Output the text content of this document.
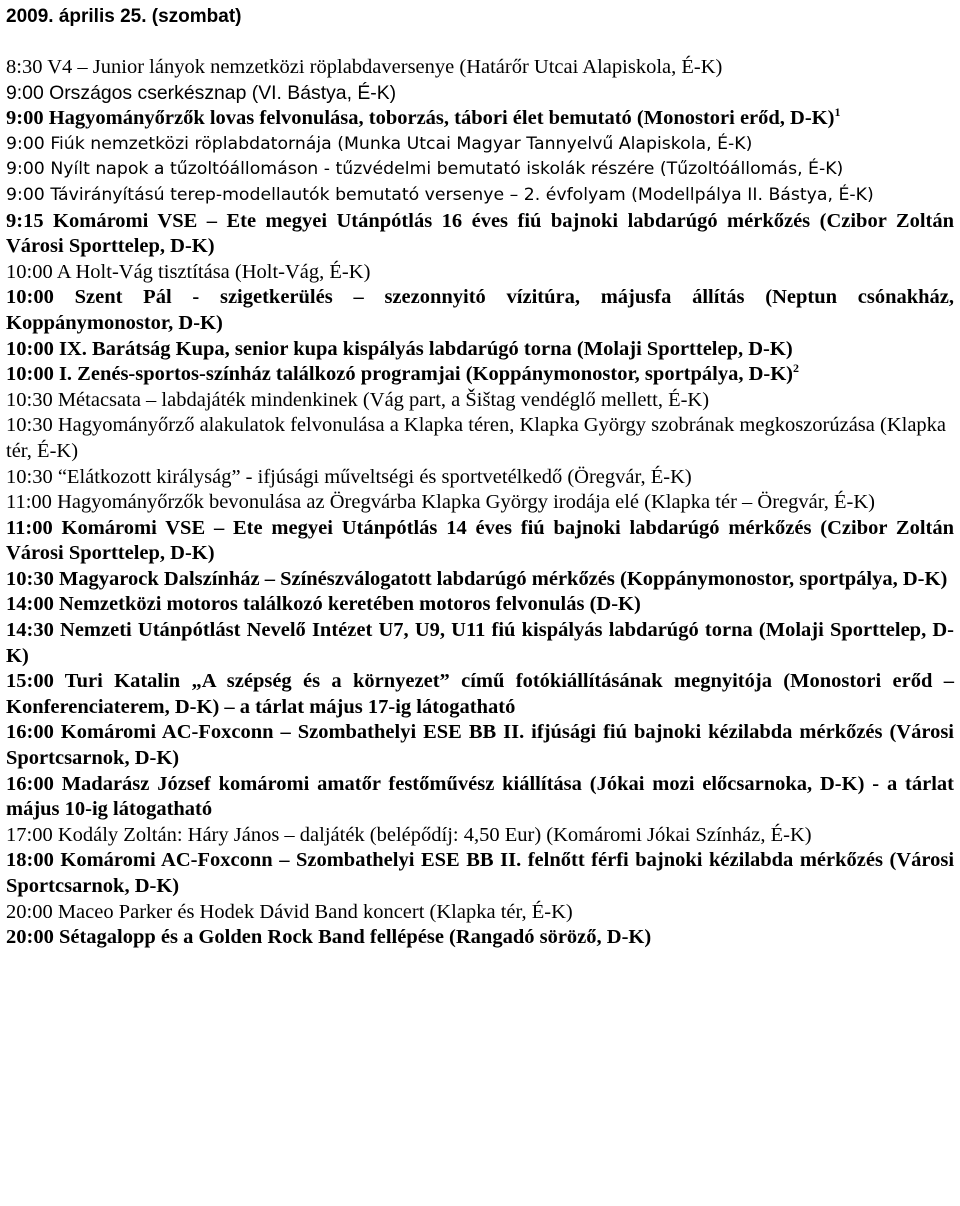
2009. április 25. (szombat)
8:30 V4 – Junior lányok nemzetközi röplabdaversenye (Határőr Utcai Alapiskola, É-K)
9:00 Országos cserkésznap (VI. Bástya, É-K)
9:00 Hagyományőrzők lovas felvonulása, toborzás, tábori élet bemutató (Monostori erőd, D-K)$^1$
9:00 Fiúk nemzetközi röplabdatornája (Munka Utcai Magyar Tannyelvű Alapiskola, É-K)
9:00 Nyílt napok a tűzoltóállomáson - tűzvédelmi bemutató iskolák részére (Tűzoltóállomás, É-K)
9:00 Távirányítású terep-modellautók bemutató versenye – 2. évfolyam (Modellpálya II. Bástya, É-K)
9:15 Komáromi VSE – Ete megyei Utánpótlás 16 éves fiú bajnoki labdarúgó mérkőzés (Czibor Zoltán Városi Sporttelep, D-K)
10:00 A Holt-Vág tisztítása (Holt-Vág, É-K)
10:00 Szent Pál - szigetkerülés – szezonnyitó vízitúra, májusfa állítás (Neptun csónakház, Koppánymonostor, D-K)
10:00 IX. Barátság Kupa, senior kupa kispályás labdarúgó torna (Molaji Sporttelep, D-K)
10:00 I. Zenés-sportos-színház találkozó programjai (Koppánymonostor, sportpálya, D-K)$^2$
10:30 Métacsata – labdajáték mindenkinek (Vág part, a Šištag vendéglő mellett, É-K)
10:30 Hagyományőrző alakulatok felvonulása a Klapka téren, Klapka György szobrának megkoszorúzása (Klapka tér, É-K)
10:30 “Elátkozott királyság” - ifjúsági műveltségi és sportvetélkedő (Öregvár, É-K)
11:00 Hagyományőrzők bevonulása az Öregvárba Klapka György irodája elé (Klapka tér – Öregvár, É-K)
11:00 Komáromi VSE – Ete megyei Utánpótlás 14 éves fiú bajnoki labdarúgó mérkőzés (Czibor Zoltán Városi Sporttelep, D-K)
10:30 Magyarock Dalszínház – Színészválogatott labdarúgó mérkőzés (Koppánymonostor, sportpálya, D-K)
14:00 Nemzetközi motoros találkozó keretében motoros felvonulás (D-K)
14:30 Nemzeti Utánpótlást Nevelő Intézet U7, U9, U11 fiú kispályás labdarúgó torna (Molaji Sporttelep, D-K)
15:00 Turi Katalin „A szépség és a környezet” című fotókiállításának megnyitója (Monostori erőd – Konferenciaterem, D-K) – a tárlat május 17-ig látogatható
16:00 Komáromi AC-Foxconn – Szombathelyi ESE BB II. ifjúsági fiú bajnoki kézilabda mérkőzés (Városi Sportcsarnok, D-K)
16:00 Madarász József komáromi amatőr festőművész kiállítása (Jókai mozi előcsarnoka, D-K) - a tárlat május 10-ig látogatható
17:00 Kodály Zoltán: Háry János – daljáték (belépődíj: 4,50 Eur) (Komáromi Jókai Színház, É-K)
18:00 Komáromi AC-Foxconn – Szombathelyi ESE BB II. felnőtt férfi bajnoki kézilabda mérkőzés (Városi Sportcsarnok, D-K)
20:00 Maceo Parker és Hodek Dávid Band koncert (Klapka tér, É-K)
20:00 Sétagalopp és a Golden Rock Band fellépése (Rangadó söröző, D-K)
